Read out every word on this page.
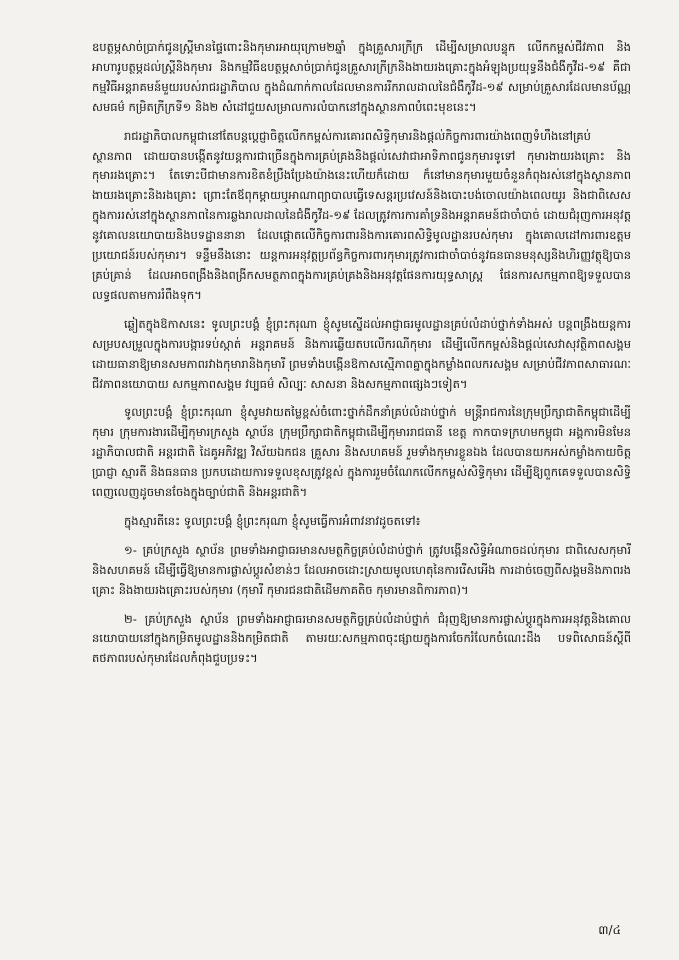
ឧបត្ថម្ភសាច់ប្រាក់ជូនស្ត្រីមានផ្ទៃពោះនិងកុមារអាយុក្រោម២ឆ្នាំ ក្នុងគ្រួសារក្រីក្រ ដើម្បីសម្រាលបន្ទុក លើកកម្ពស់ជីវភាព និងអាហារូបត្ថម្ភដល់ស្ត្រីនិងកុមារ និងកម្មវិធីឧបត្ថម្ភសាច់ប្រាក់ជូនគ្រួសារក្រីក្រនិងងាយរងគ្រោះក្នុងអំឡុងប្រយុទ្ធនឹងជំងឺកូវីដ-១៩ គឺជាកម្មវិធីអន្តរាគមន៍មួយរបស់រាជរដ្ឋាភិបាល ក្នុងដំណាក់កាលដែលមានការរីករាលដាលនៃជំងឺកូវីដ-១៩ សម្រាប់គ្រួសារដែលមានប័ណ្ណសមធម៌ កម្រិតក្រីក្រទី១ និង២ សំដៅជួយសម្រាលការលំបាកនៅក្នុងស្ថានភាពបំពេះមុខនេះ។

រាជរដ្ឋាភិបាលកម្ពុជានៅតែបន្តប្តេជ្ញាចិត្តលើកកម្ពស់ការគោរពសិទ្ធិកុមារនិងផ្តល់កិច្ចការពារយ៉ាងពេញទំហឹងនៅគ្រប់ស្ថានភាព ដោយបានបង្កើតនូវយន្តការជាច្រើនក្នុងការគ្រប់គ្រងនិងផ្តល់សេវាជាអាទិភាពជូនកុមារទូទៅ កុមារងាយរងគ្រោះ និងកុមាររងគ្រោះ។ តែទោះបីជាមានការខិតខំប្រឹងប្រែងយ៉ាងនេះហើយក៏ដោយ ក៏នៅមានកុមារមួយចំនួនកំពុងរស់នៅក្នុងស្ថានភាពងាយរងគ្រោះនិងរងគ្រោះ ព្រោះតែឪពុកម្តាយឬអាណាព្យាបាលធ្វើទេសន្តរប្រវេសន៍និងបោះបង់ចោលយ៉ាងពេលយូរ និងជាពិសេសក្នុងការរស់នៅក្នុងស្ថានភាពនៃការឆ្លងរាលដាលនៃជំងឺកូវីដ-១៩ ដែលត្រូវការការគាំទ្រនិងអន្តរាគមន៍ជាចាំបាច់ ដោយជំរុញការអនុវត្តនូវគោលនយោបាយនិងបទដ្ឋាននានា ដែលផ្តោតលើកិច្ចការពារនិងការគោរពសិទ្ធិមូលដ្ឋានរបស់កុមារ ក្នុងគោលដៅការពារឧត្តមប្រយោជន៍របស់កុមារ។ ទន្ទឹមនឹងនោះ យន្តការអនុវត្តប្រព័ន្ធកិច្ចការពារកុមារត្រូវការជាចាំបាច់នូវធនធានមនុស្សនិងហិរញ្ញវត្ថុឱ្យបានគ្រប់គ្រាន់ ដែលអាចពង្រឹងនិងពង្រីកសមត្ថភាពក្នុងការគ្រប់គ្រងនិងអនុវត្តផែនការយុទ្ធសាស្ត្រ ផែនការសកម្មភាពឱ្យទទួលបានលទ្ធផលតាមការរំពឹងទុក។

ឆ្លៀតក្នុងឱកាសនេះ ទូលព្រះបង្គំ ខ្ញុំព្រះករុណា ខ្ញុំសូមស្នើដល់អាជ្ញាធរមូលដ្ឋានគ្រប់លំដាប់ថ្នាក់ទាំងអស់ បន្តពង្រឹងយន្តការសម្របសម្រួលក្នុងការបង្ការទប់ស្កាត់ អន្តរាគមន៍ និងការឆ្លើយតបលើករណីកុមារ ដើម្បីលើកកម្ពស់និងផ្តល់សេវាសុវត្ថិភាពសង្គម ដោយធានាឱ្យមានសមភាពរវាងកុមារានិងកុមារី ព្រមទាំងបង្កើនឱកាសស្មើភាពគ្នាក្នុងកម្លាំងពលករសង្គម សម្រាប់ជីវភាពសាធារណៈ ជីវភាពនយោបាយ សកម្មភាពសង្គម វប្បធម៌ សិល្បៈ សាសនា និងសកម្មភាពផ្សេងៗទៀត។

ទូលព្រះបង្គំ ខ្ញុំព្រះករុណា ខ្ញុំសូមវាយតម្លៃខ្ពស់ចំពោះថ្នាក់ដឹកនាំគ្រប់លំដាប់ថ្នាក់ មន្ត្រីរាជការនៃក្រុមប្រឹក្សាជាតិកម្ពុជាដើម្បីកុមារ ក្រុមការងារដើម្បីកុមារក្រសួង ស្ថាប័ន ក្រុមប្រឹក្សាជាតិកម្ពុជាដើម្បីកុមាររាជធានី ខេត្ត កាកបាទក្រហមកម្ពុជា អង្គការមិនមែនរដ្ឋាភិបាលជាតិ អន្តរជាតិ ដៃគូអភិវឌ្ឍ វិស័យឯកជន គ្រួសារ និងសហគមន៍ រួមទាំងកុមារខ្លួនឯង ដែលបានយកអស់កម្លាំងកាយចិត្ត ប្រាជ្ញា ស្មារតី និងធនធាន ប្រកបដោយការទទួលខុសត្រូវខ្ពស់ ក្នុងការរួមចំណែកលើកកម្ពស់សិទ្ធិកុមារ ដើម្បីឱ្យពួកគេទទួលបានសិទ្ធិពេញលេញដូចមានចែងក្នុងច្បាប់ជាតិ និងអន្តរជាតិ។

ក្នុងស្មារតីនេះ ទូលព្រះបង្គំ ខ្ញុំព្រះករុណា ខ្ញុំសូមធ្វើការអំពាវនាវដូចតទៅ៖

១- គ្រប់ក្រសួង ស្ថាប័ន ព្រមទាំងអាជ្ញាធរមានសមត្ថកិច្ចគ្រប់លំដាប់ថ្នាក់ ត្រូវបង្កើនសិទ្ធិអំណាចដល់កុមារ ជាពិសេសកុមារីនិងសហគមន៍ ដើម្បីធ្វើឱ្យមានការផ្លាស់ប្តូរសំខាន់ៗ ដែលអាចដោះស្រាយមូលហេតុនៃការរើសអើង ការដាច់ចេញពីសង្គមនិងភាពរងគ្រោះ និងងាយរងគ្រោះរបស់កុមារ (កុមារី កុមារជនជាតិដើមភាគតិច កុមារមានពិការភាព)។

២- គ្រប់ក្រសួង ស្ថាប័ន ព្រមទាំងអាជ្ញាធរមានសមត្ថកិច្ចគ្រប់លំដាប់ថ្នាក់ ជំរុញឱ្យមានការផ្លាស់ប្តូរក្នុងការអនុវត្តនិងគោលនយោបាយនៅក្នុងកម្រិតមូលដ្ឋាននិងកម្រិតជាតិ តាមរយៈសកម្មភាពចុះផ្សាយក្នុងការចែករំលែកចំណេះដឹង បទពិសោធន៍ស្តីពីតថភាពរបស់កុមារដែលកំពុងជួបប្រទះ។

៣/៤
